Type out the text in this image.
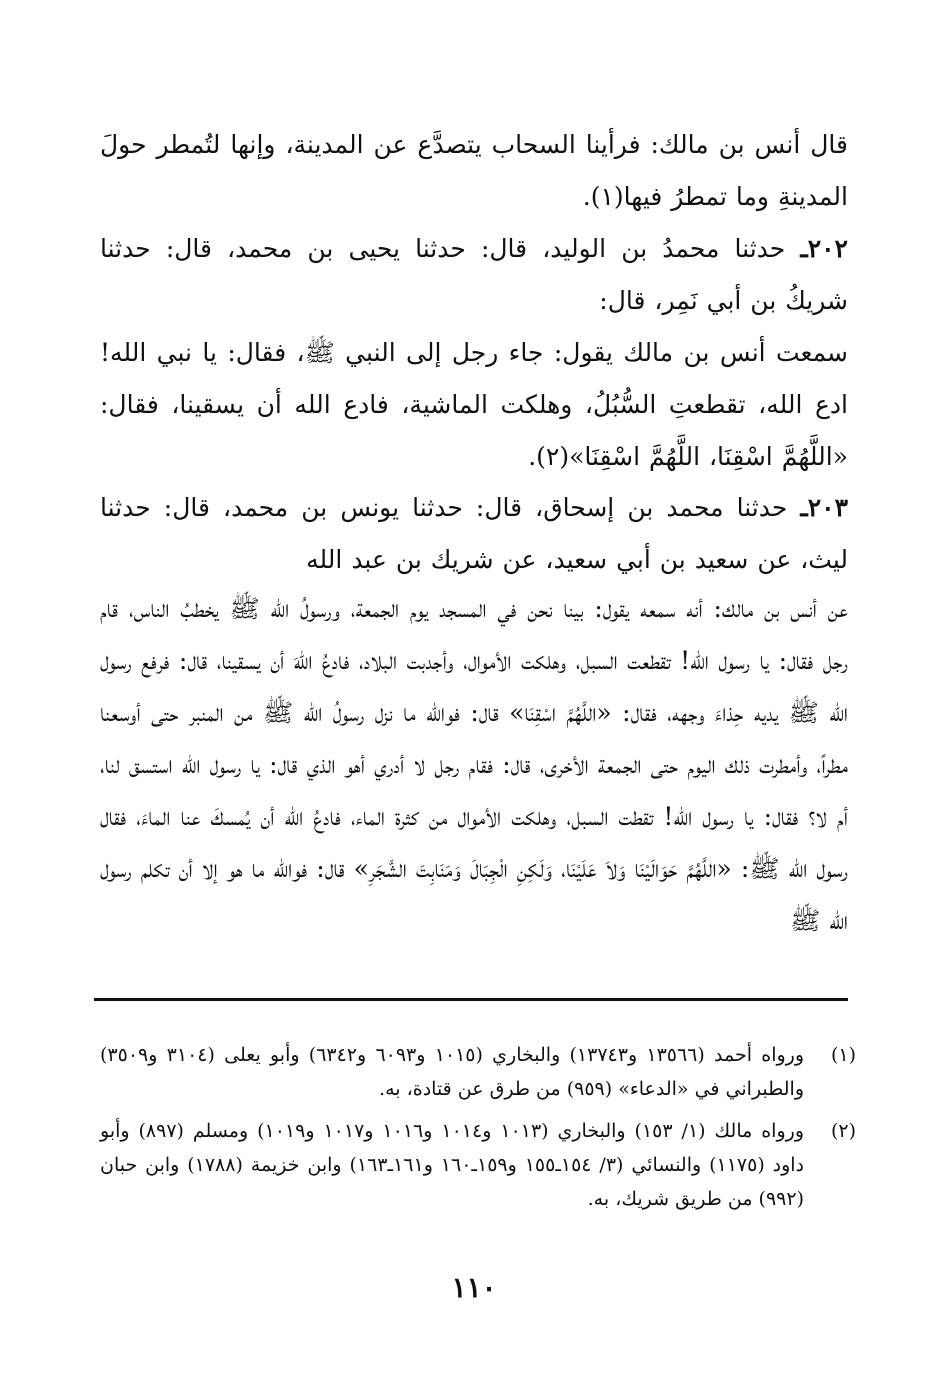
قال أنس بن مالك: فرأينا السحاب يتصدَّع عن المدينة، وإنها لتُمطر حولَ المدينةِ وما تمطرُ فيها(١).

٢٠٢ـ حدثنا محمدُ بن الوليد، قال: حدثنا يحيى بن محمد، قال: حدثنا شريكُ بن أبي نَمِر، قال:

سمعت أنس بن مالك يقول: جاء رجل إلى النبي ﷺ، فقال: يا نبي الله! ادع الله، تقطعتِ السُّبُلُ، وهلكت الماشية، فادع الله أن يسقينا، فقال: «اللَّهُمَّ اسْقِنَا، اللَّهُمَّ اسْقِنَا»(٢).

٢٠٣ـ حدثنا محمد بن إسحاق، قال: حدثنا يونس بن محمد، قال: حدثنا ليث، عن سعيد بن أبي سعيد، عن شريك بن عبد الله

عن أنس بن مالك: أنه سمعه يقول: بينا نحن في المسجد يوم الجمعة، ورسولُ الله ﷺ يخطبُ الناس، قام رجل فقال: يا رسول الله! تقطعت السبل، وهلكت الأموال، وأجدبت البلاد، فادعُ اللهَ أن يسقينا، قال: فرفع رسول الله ﷺ يديه حِذاءَ وجهه، فقال: «اللَّهُمَّ اسْقِنَا» قال: فوالله ما نزل رسولُ الله ﷺ من المنبر حتى أوسعنا مطراً، وأمطرت ذلك اليوم حتى الجمعة الأخرى، قال: فقام رجل لا أدري أهو الذي قال: يا رسول الله استسق لنا، أم لا؟ فقال: يا رسول الله! تقطت السبل، وهلكت الأموال من كثرة الماء، فادعُ الله أن يُمسكَ عنا الماءَ، فقال رسول الله ﷺ: «اللَّهُمَّ حَوَالَيْنَا وَلاَ عَلَيْنَا، وَلَكِنِ الْجِبَالَ وَمَنَابِتَ الشَّجَرِ» قال: فوالله ما هو إلا أن تكلم رسول الله ﷺ

(١)
ورواه أحمد (١٣٥٦٦ و١٣٧٤٣) والبخاري (١٠١٥ و٦٠٩٣ و٦٣٤٢) وأبو يعلى (٣١٠٤ و٣٥٠٩) والطبراني في «الدعاء» (٩٥٩) من طرق عن قتادة، به.
(٢)
ورواه مالك (١/ ١٥٣) والبخاري (١٠١٣ و١٠١٤ و١٠١٦ و١٠١٧ و١٠١٩) ومسلم (٨٩٧) وأبو داود (١١٧٥) والنسائي (٣/ ١٥٤ـ١٥٥ و١٥٩ـ١٦٠ و١٦١ـ١٦٣) وابن خزيمة (١٧٨٨) وابن حبان (٩٩٢) من طريق شريك، به.
١١٠
